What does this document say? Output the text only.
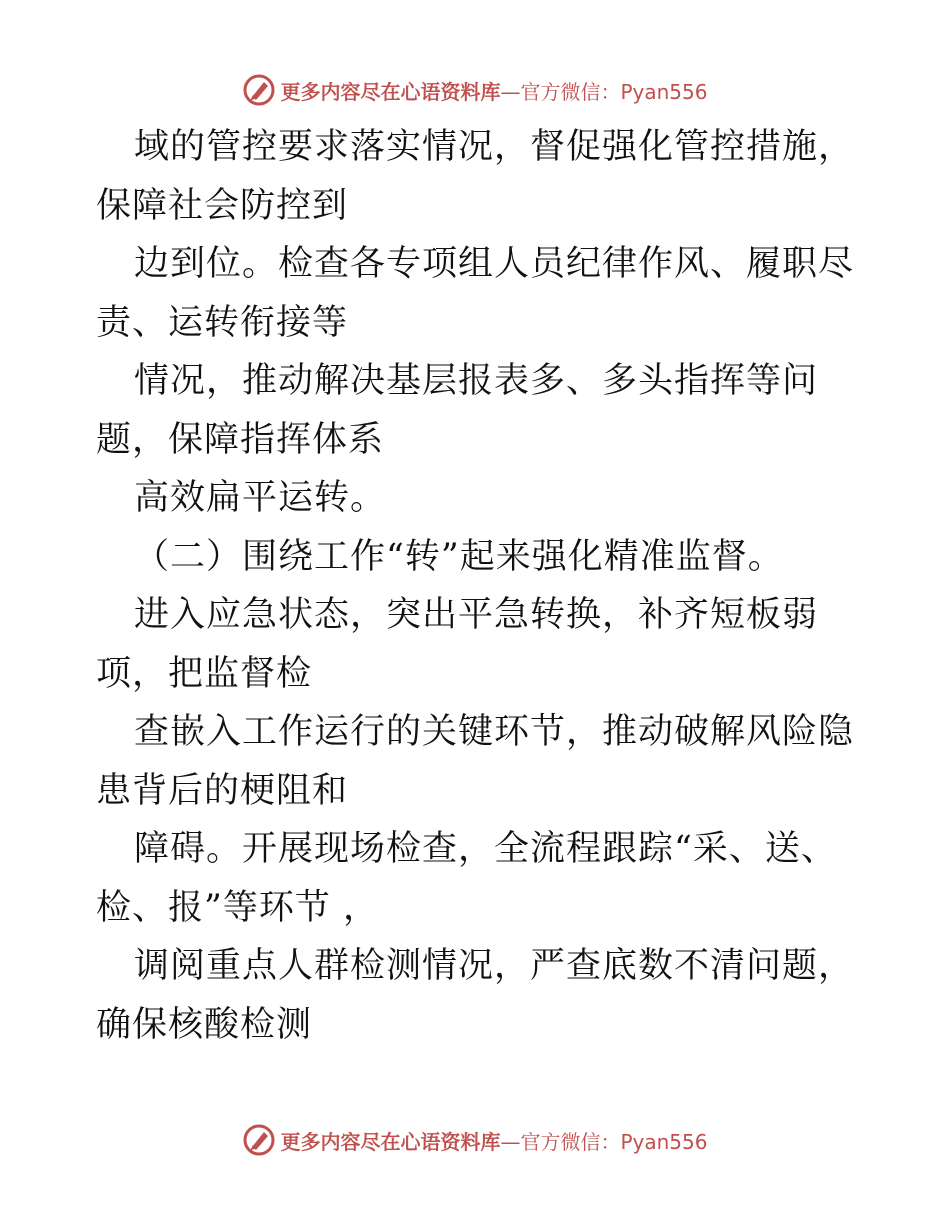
更多内容尽在心语资料库—官方微信：Pyan556

域的管控要求落实情况，督促强化管控措施，保障社会防控到

边到位。检查各专项组人员纪律作风、履职尽责、运转衔接等

情况，推动解决基层报表多、多头指挥等问题，保障指挥体系

高效扁平运转。

（二）围绕工作“转”起来强化精准监督。

进入应急状态，突出平急转换，补齐短板弱项，把监督检

查嵌入工作运行的关键环节，推动破解风险隐患背后的梗阻和

障碍。开展现场检查，全流程跟踪“采、送、检、报”等环节 ，

调阅重点人群检测情况，严查底数不清问题，确保核酸检测

更多内容尽在心语资料库—官方微信：Pyan556
